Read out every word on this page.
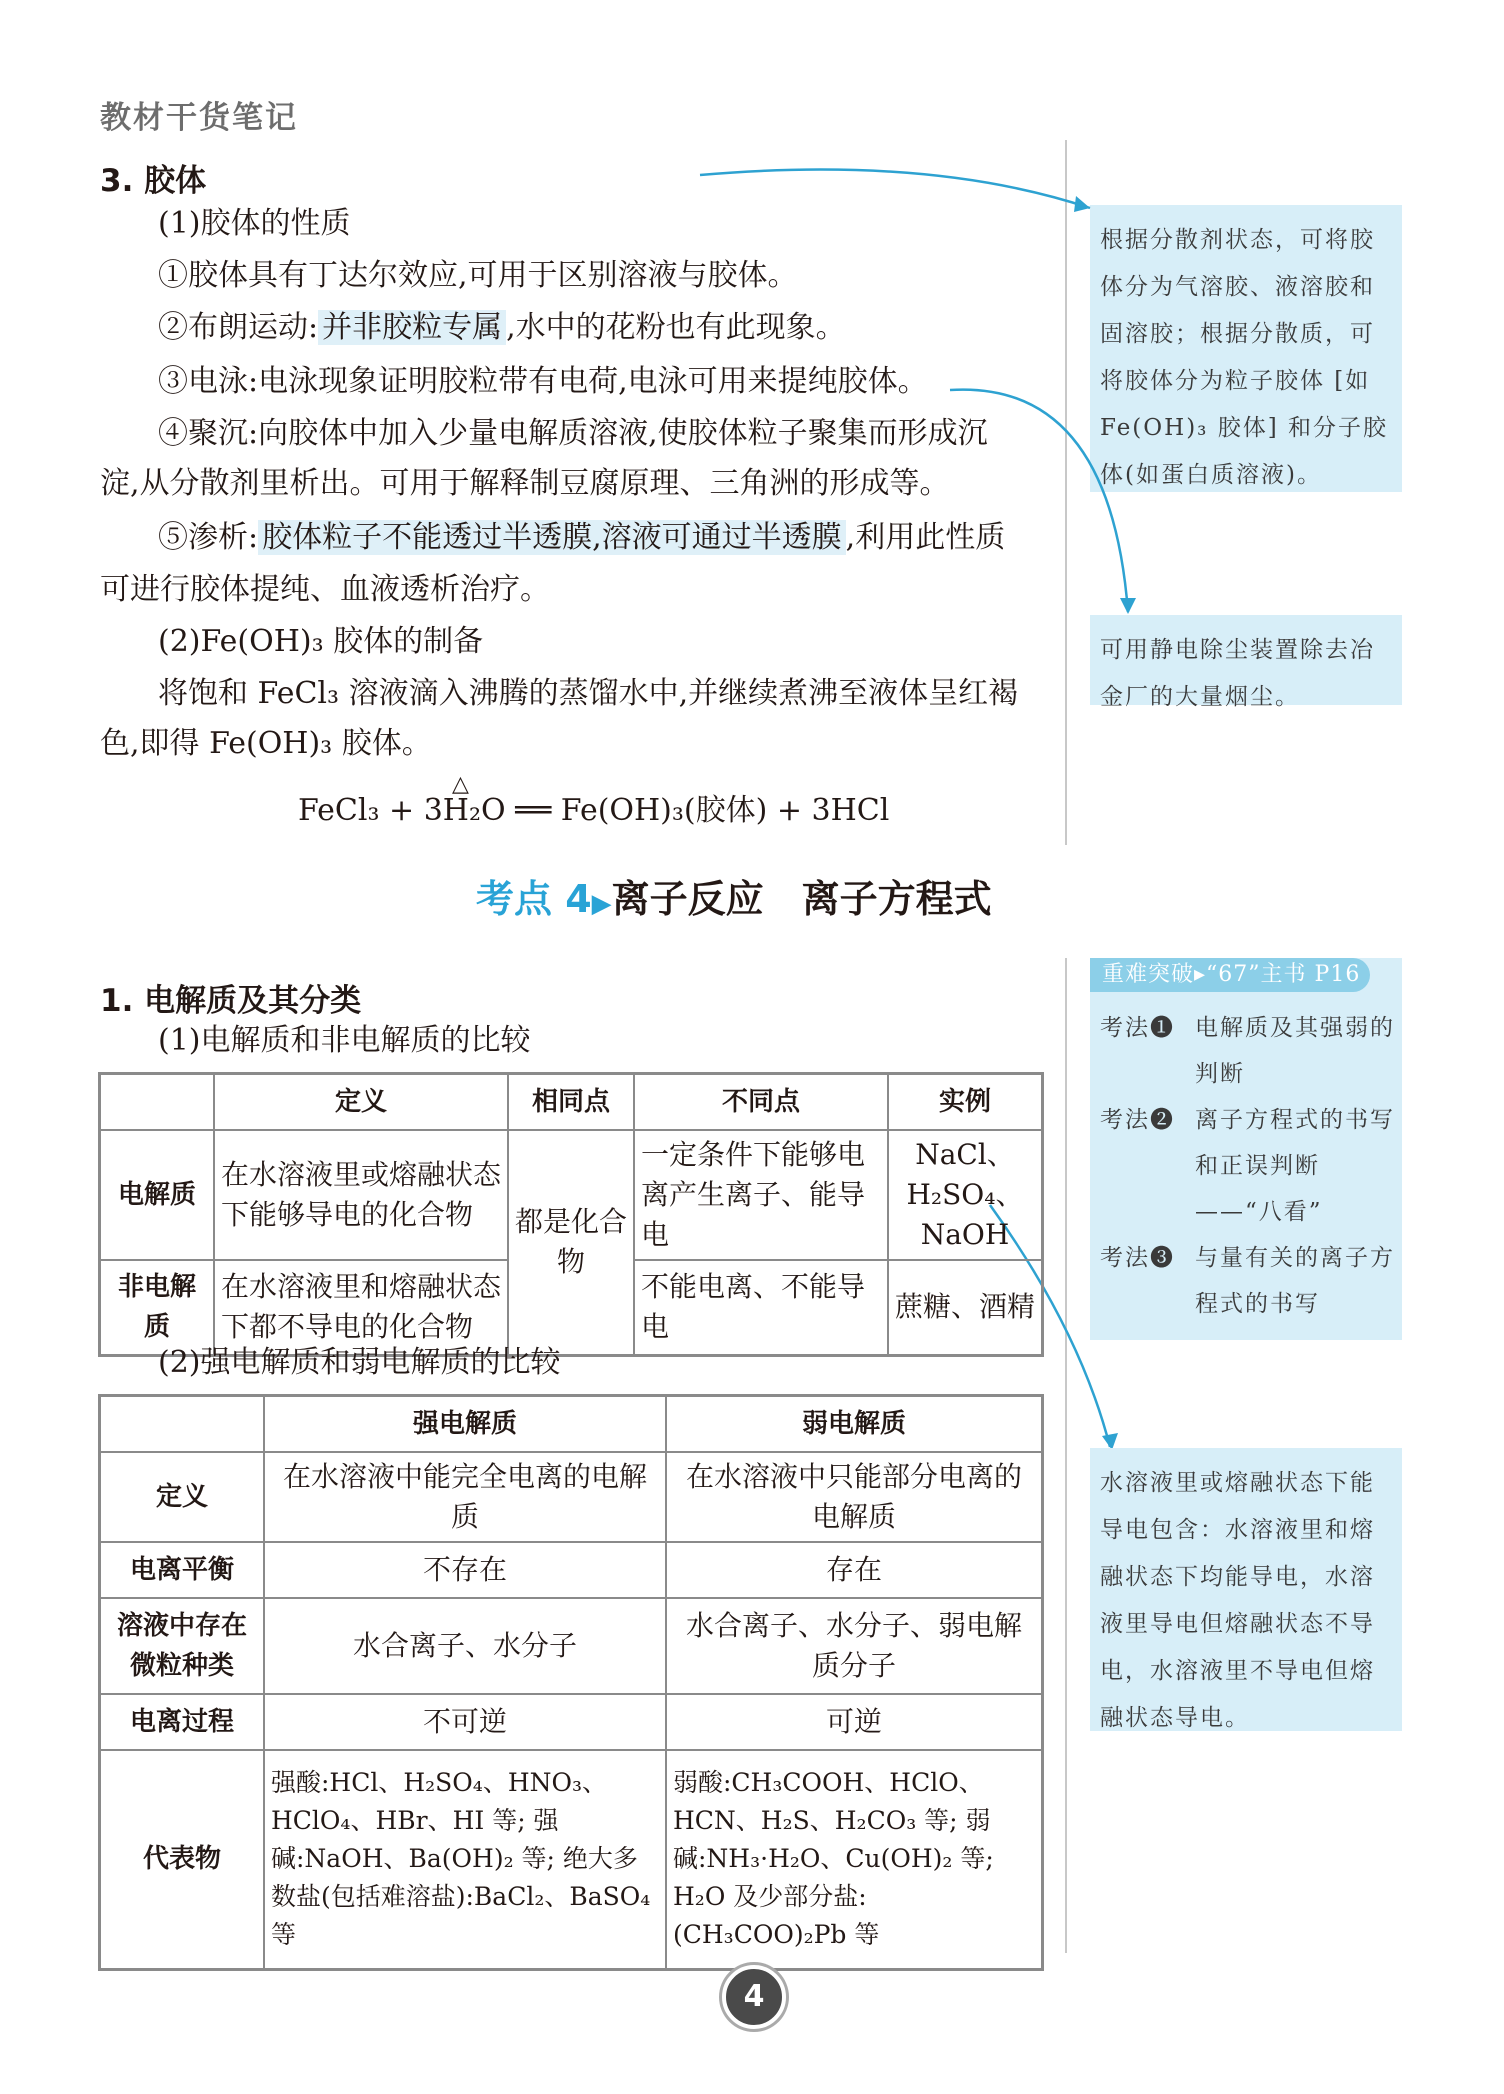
教材干货笔记
3. 胶体
(1)胶体的性质
①胶体具有丁达尔效应,可用于区别溶液与胶体。
②布朗运动: 并非胶粒专属 ,水中的花粉也有此现象。
③电泳:电泳现象证明胶粒带有电荷,电泳可用来提纯胶体。
④聚沉:向胶体中加入少量电解质溶液,使胶体粒子聚集而形成沉
淀,从分散剂里析出。可用于解释制豆腐原理、三角洲的形成等。
⑤渗析: 胶体粒子不能透过半透膜,溶液可通过半透膜 ,利用此性质
可进行胶体提纯、血液透析治疗。
(2)Fe(OH)₃ 胶体的制备
将饱和 FeCl₃ 溶液滴入沸腾的蒸馏水中,并继续煮沸至液体呈红褐
色,即得 Fe(OH)₃ 胶体。
△
FeCl₃ + 3H₂O ══ Fe(OH)₃(胶体) + 3HCl
根据分散剂状态，可将胶体分为气溶胶、液溶胶和固溶胶；根据分散质，可将胶体分为粒子胶体 [如 Fe(OH)₃ 胶体] 和分子胶体(如蛋白质溶液)。
可用静电除尘装置除去冶金厂的大量烟尘。
考点 4▶离子反应　离子方程式
1. 电解质及其分类
(1)电解质和非电解质的比较
	定义	相同点	不同点	实例
电解质	在水溶液里或熔融状态下能够导电的化合物	都是化合物	一定条件下能够电离产生离子、能导电	NaCl、H₂SO₄、NaOH
非电解质	在水溶液里和熔融状态下都不导电的化合物		不能电离、不能导电	蔗糖、酒精
(2)强电解质和弱电解质的比较
	强电解质	弱电解质
定义	在水溶液中能完全电离的电解质	在水溶液中只能部分电离的电解质
电离平衡	不存在	存在
溶液中存在微粒种类	水合离子、水分子	水合离子、水分子、弱电解质分子
电离过程	不可逆	可逆
代表物	强酸:HCl、H₂SO₄、HNO₃、HClO₄、HBr、HI 等; 强碱:NaOH、Ba(OH)₂ 等; 绝大多数盐(包括难溶盐):BaCl₂、BaSO₄ 等	弱酸:CH₃COOH、HClO、HCN、H₂S、H₂CO₃ 等; 弱碱:NH₃·H₂O、Cu(OH)₂ 等; H₂O 及少部分盐:(CH₃COO)₂Pb 等
重难突破▸“67”主书 P16
考法❶ 电解质及其强弱的判断
考法❷ 离子方程式的书写和正误判断——“八看”
考法❸ 与量有关的离子方程式的书写
水溶液里或熔融状态下能导电包含：水溶液里和熔融状态下均能导电，水溶液里导电但熔融状态不导电，水溶液里不导电但熔融状态导电。
4
